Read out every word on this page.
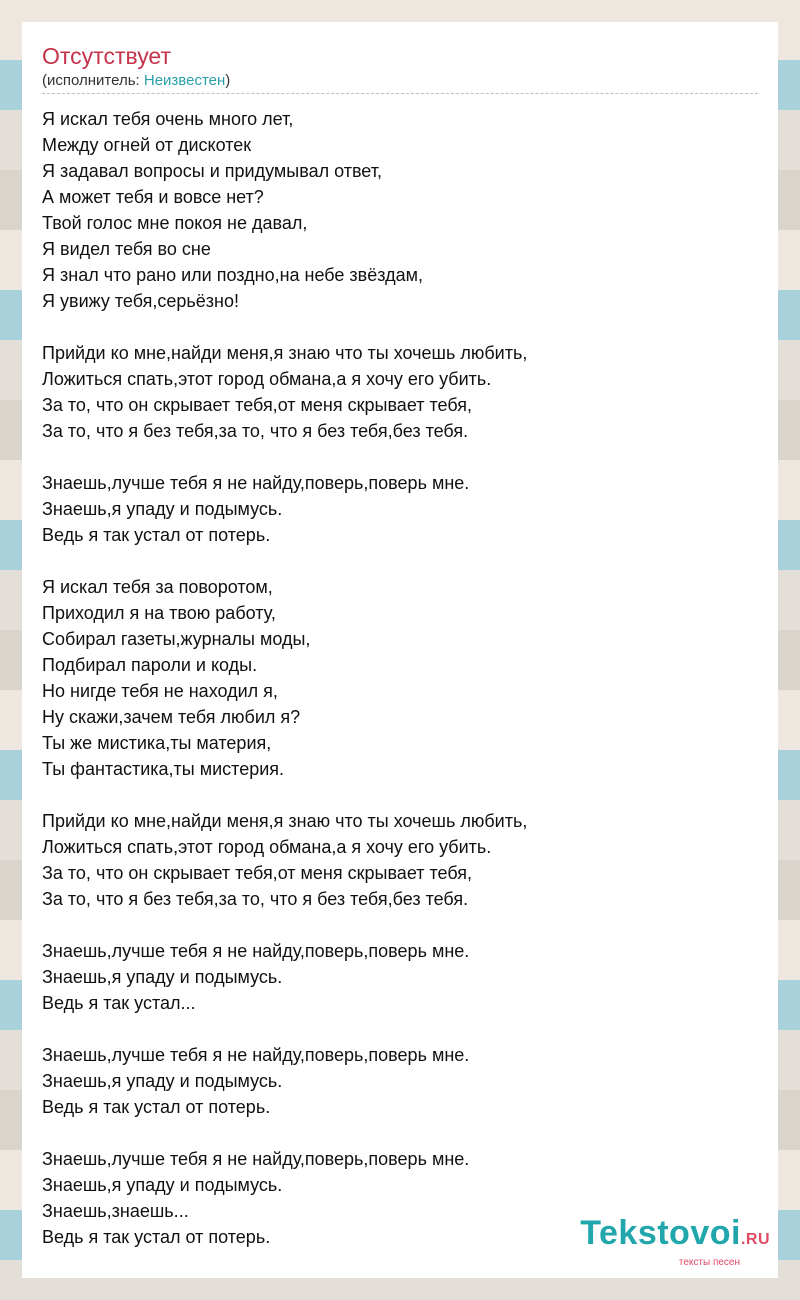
Отсутствует
(исполнитель: Неизвестен)
Я искал тебя очень много лет,
Между огней от дискотек
Я задавал вопросы и придумывал ответ,
А может тебя и вовсе нет?
Твой голос мне покоя не давал,
Я видел тебя во сне
Я знал что рано или поздно,на небе звёздам,
Я увижу тебя,серьёзно!
Прийди ко мне,найди меня,я знаю что ты хочешь любить,
Ложиться спать,этот город обмана,а я хочу его убить.
За то, что он скрывает тебя,от меня скрывает тебя,
За то, что я без тебя,за то, что я без тебя,без тебя.
Знаешь,лучше тебя я не найду,поверь,поверь мне.
Знаешь,я упаду и подымусь.
Ведь я так устал от потерь.
Я искал тебя за поворотом,
Приходил я на твою работу,
Собирал газеты,журналы моды,
Подбирал пароли и коды.
Но нигде тебя не находил я,
Ну скажи,зачем тебя любил я?
Ты же мистика,ты материя,
Ты фантастика,ты мистерия.
Прийди ко мне,найди меня,я знаю что ты хочешь любить,
Ложиться спать,этот город обмана,а я хочу его убить.
За то, что он скрывает тебя,от меня скрывает тебя,
За то, что я без тебя,за то, что я без тебя,без тебя.
Знаешь,лучше тебя я не найду,поверь,поверь мне.
Знаешь,я упаду и подымусь.
Ведь я так устал...
Знаешь,лучше тебя я не найду,поверь,поверь мне.
Знаешь,я упаду и подымусь.
Ведь я так устал от потерь.
Знаешь,лучше тебя я не найду,поверь,поверь мне.
Знаешь,я упаду и подымусь.
Знаешь,знаешь...
Ведь я так устал от потерь.	Tekstovoi.RU
тексты песен
